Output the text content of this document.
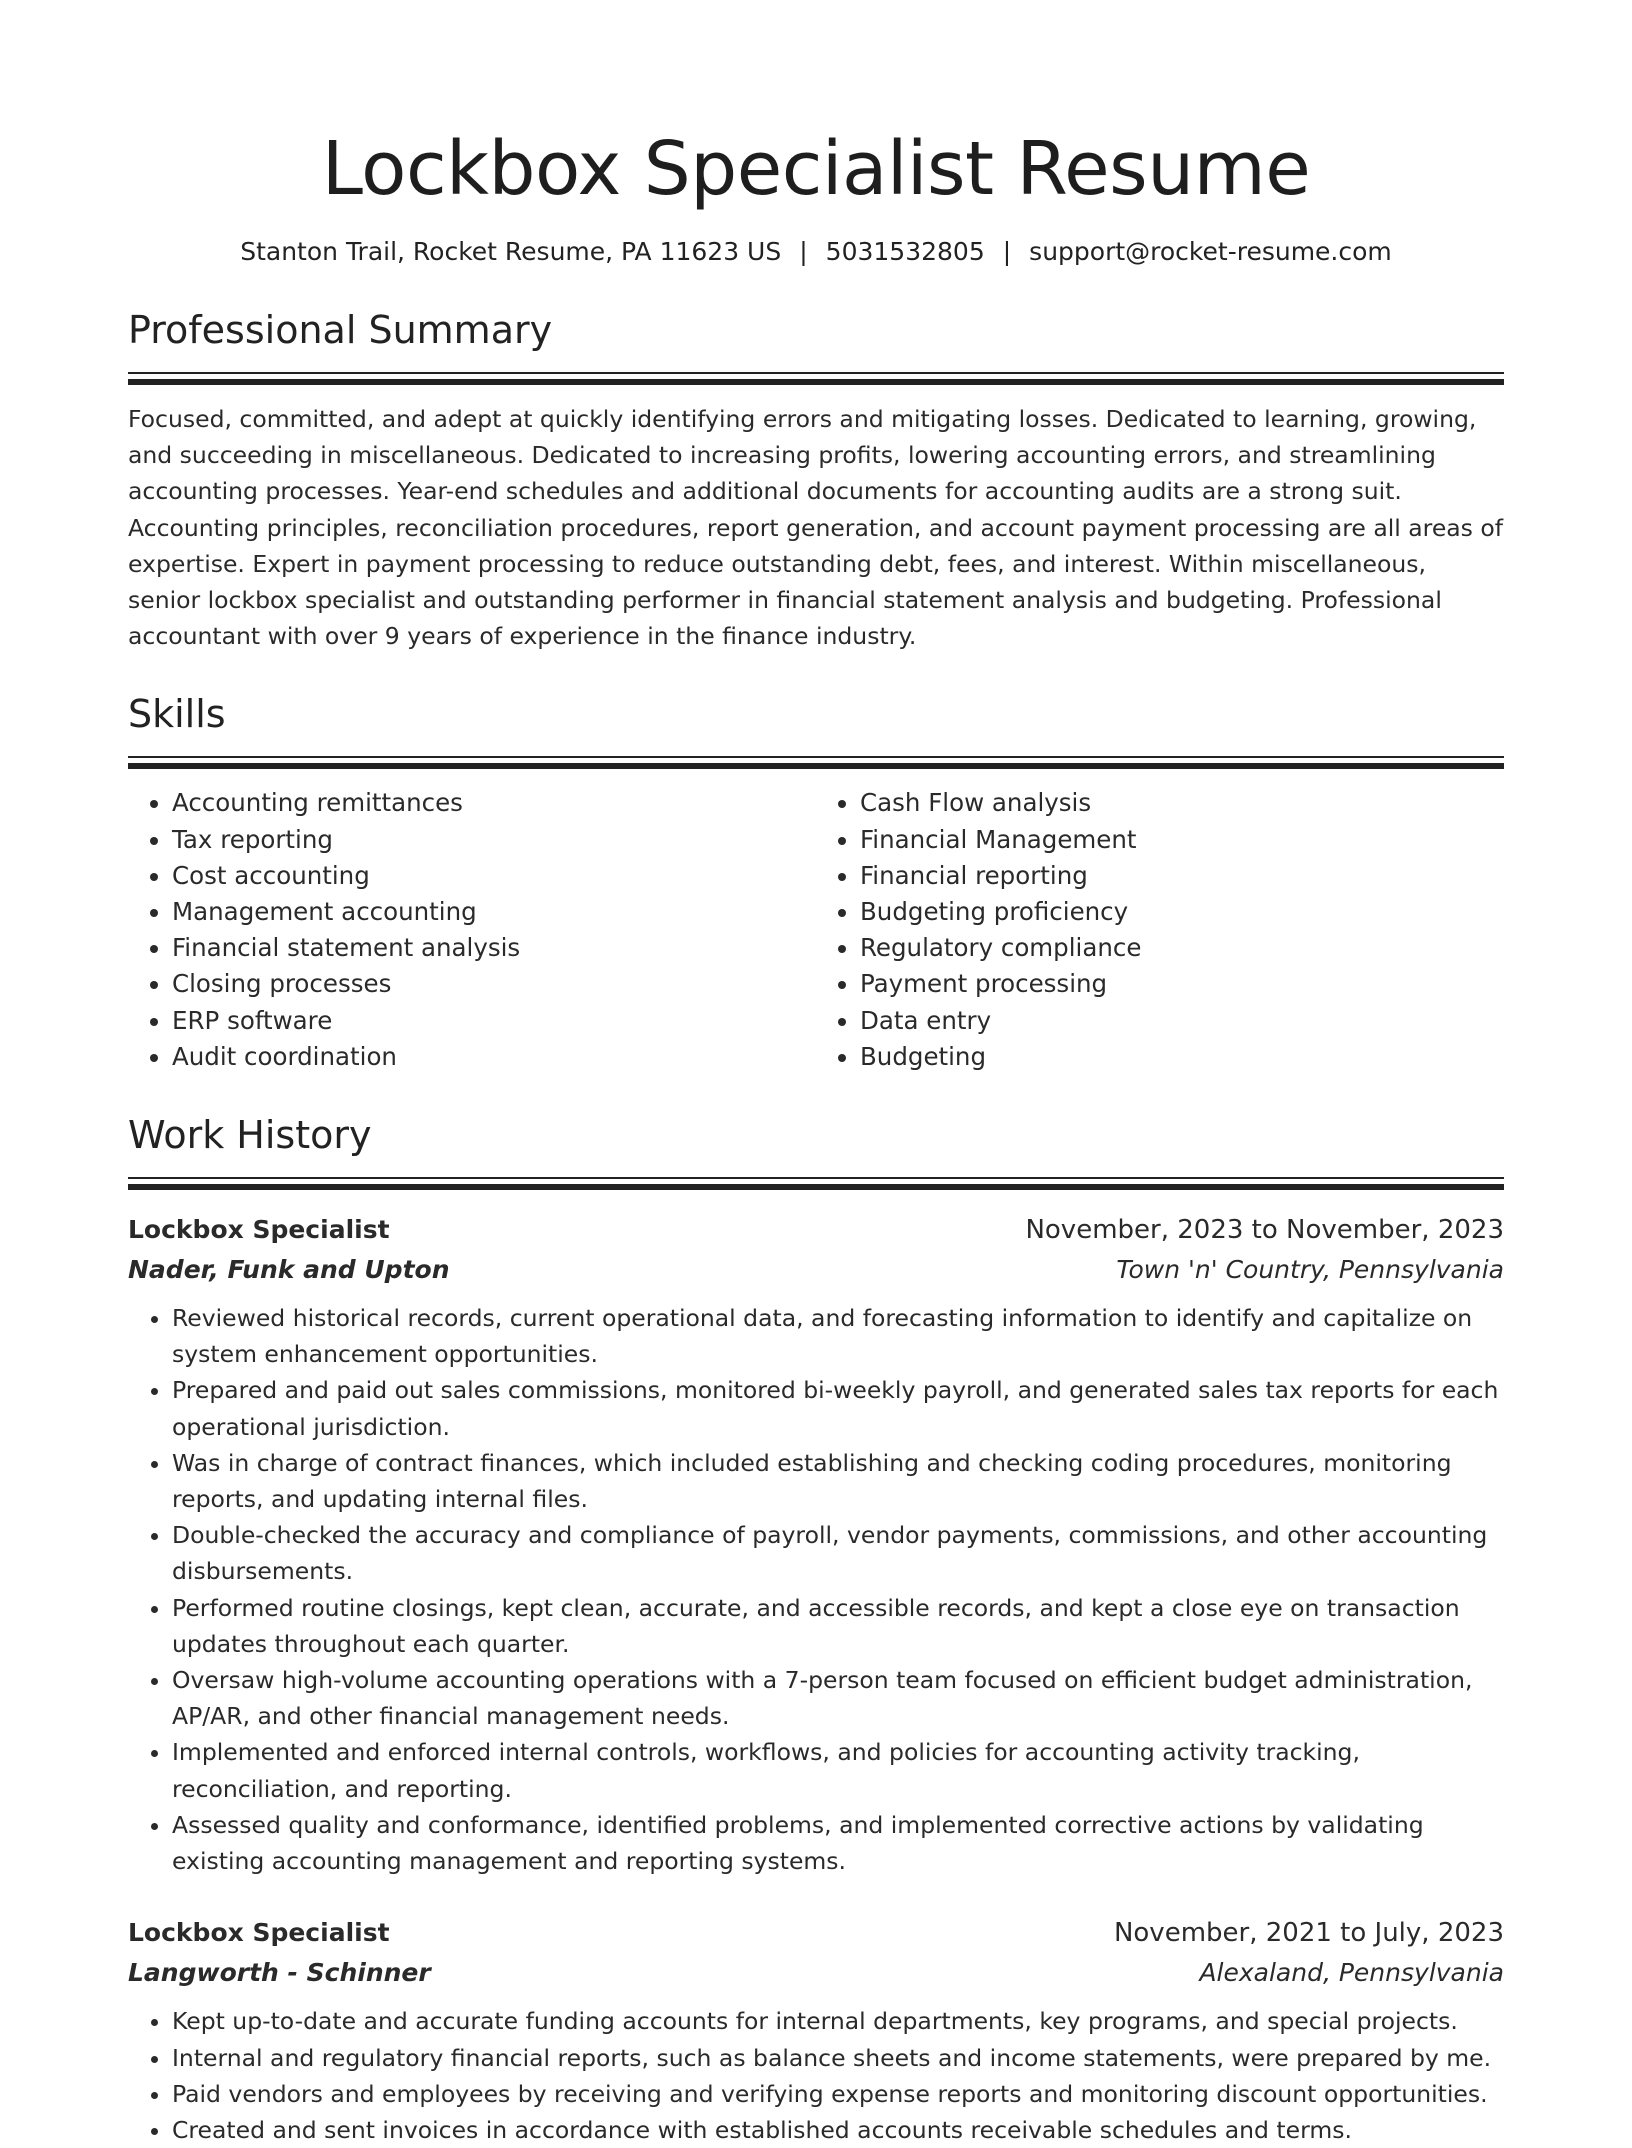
Lockbox Specialist Resume
Stanton Trail, Rocket Resume, PA 11623 US | 5031532805 | support@rocket-resume.com
Professional Summary

Focused, committed, and adept at quickly identifying errors and mitigating losses. Dedicated to learning, growing, and succeeding in miscellaneous. Dedicated to increasing profits, lowering accounting errors, and streamlining accounting processes. Year-end schedules and additional documents for accounting audits are a strong suit. Accounting principles, reconciliation procedures, report generation, and account payment processing are all areas of expertise. Expert in payment processing to reduce outstanding debt, fees, and interest. Within miscellaneous, senior lockbox specialist and outstanding performer in financial statement analysis and budgeting. Professional accountant with over 9 years of experience in the finance industry.

Skills
• Accounting remittances
• Tax reporting
• Cost accounting
• Management accounting
• Financial statement analysis
• Closing processes
• ERP software
• Audit coordination
• Cash Flow analysis
• Financial Management
• Financial reporting
• Budgeting proficiency
• Regulatory compliance
• Payment processing
• Data entry
• Budgeting
Work History
Lockbox Specialist	November, 2023 to November, 2023
Nader, Funk and Upton	Town 'n' Country, Pennsylvania
• Reviewed historical records, current operational data, and forecasting information to identify and capitalize on system enhancement opportunities.
• Prepared and paid out sales commissions, monitored bi-weekly payroll, and generated sales tax reports for each operational jurisdiction.
• Was in charge of contract finances, which included establishing and checking coding procedures, monitoring reports, and updating internal files.
• Double-checked the accuracy and compliance of payroll, vendor payments, commissions, and other accounting disbursements.
• Performed routine closings, kept clean, accurate, and accessible records, and kept a close eye on transaction updates throughout each quarter.
• Oversaw high-volume accounting operations with a 7-person team focused on efficient budget administration, AP/AR, and other financial management needs.
• Implemented and enforced internal controls, workflows, and policies for accounting activity tracking, reconciliation, and reporting.
• Assessed quality and conformance, identified problems, and implemented corrective actions by validating existing accounting management and reporting systems.
Lockbox Specialist	November, 2021 to July, 2023
Langworth - Schinner	Alexaland, Pennsylvania
• Kept up-to-date and accurate funding accounts for internal departments, key programs, and special projects.
• Internal and regulatory financial reports, such as balance sheets and income statements, were prepared by me.
• Paid vendors and employees by receiving and verifying expense reports and monitoring discount opportunities.
• Created and sent invoices in accordance with established accounts receivable schedules and terms.
